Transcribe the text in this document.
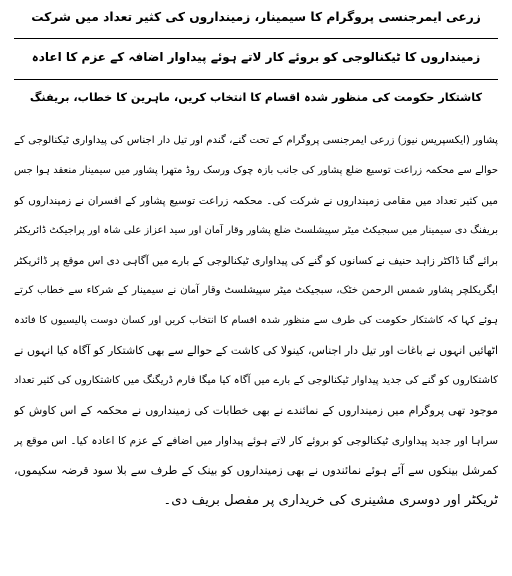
زرعی ایمرجنسی پروگرام کا سیمینار، زمینداروں کی کثیر تعداد میں شرکت
زمینداروں کا ٹیکنالوجی کو بروئے کار لاتے ہوئے پیداوار اضافہ کے عزم کا اعادہ
کاشتکار حکومت کی منظور شدہ اقسام کا انتخاب کریں، ماہرین کا خطاب، بریفنگ
پشاور (ایکسپریس نیوز) زرعی ایمرجنسی پروگرام کے تحت گنے، گندم اور تیل دار اجناس کی پیداواری ٹیکنالوجی کے
حوالے سے محکمہ زراعت توسیع ضلع پشاور کی جانب بازہ چوک ورسک روڈ متھرا پشاور میں سیمینار منعقد ہوا جس
میں کثیر تعداد میں مقامی زمینداروں نے شرکت کی۔ محکمہ زراعت توسیع پشاور کے افسران نے زمینداروں کو
بریفنگ دی سیمینار میں سبجیکٹ میٹر سپیشلسٹ ضلع پشاور وقار آمان اور سید اعزاز علی شاہ اور پراجیکٹ ڈائریکٹر
برائے گنا ڈاکٹر زاہد حنیف نے کسانوں کو گنے کی پیداواری ٹیکنالوجی کے بارے میں آگاہی دی اس موقع پر ڈائریکٹر
ایگریکلچر پشاور شمس الرحمن خٹک، سبجیکٹ میٹر سپیشلسٹ وقار آمان نے سیمینار کے شرکاء سے خطاب کرتے
ہوئے کہا کہ کاشتکار حکومت کی طرف سے منظور شدہ اقسام کا انتخاب کریں اور کسان دوست پالیسیوں کا فائدہ
اٹھائیں انہوں نے باغات اور تیل دار اجناس، کینولا کی کاشت کے حوالے سے بھی کاشتکار کو آگاہ کیا انہوں نے
کاشتکاروں کو گنے کی جدید پیداوار ٹیکنالوجی کے بارے میں آگاہ کیا میگا فارم ڈریگنگ میں کاشتکاروں کی کثیر تعداد
موجود تھی پروگرام میں زمینداروں کے نمائندے نے بھی خطابات کی زمینداروں نے محکمہ کے اس کاوش کو
سراہا اور جدید پیداواری ٹیکنالوجی کو بروئے کار لاتے ہوئے پیداوار میں اضافے کے عزم کا اعادہ کیا۔ اس موقع پر
کمرشل بینکوں سے آئے ہوئے نمائندوں نے بھی زمینداروں کو بینک کے طرف سے بلا سود قرضہ سکیموں،
ٹریکٹر اور دوسری مشینری کی خریداری پر مفصل بریف دی۔
